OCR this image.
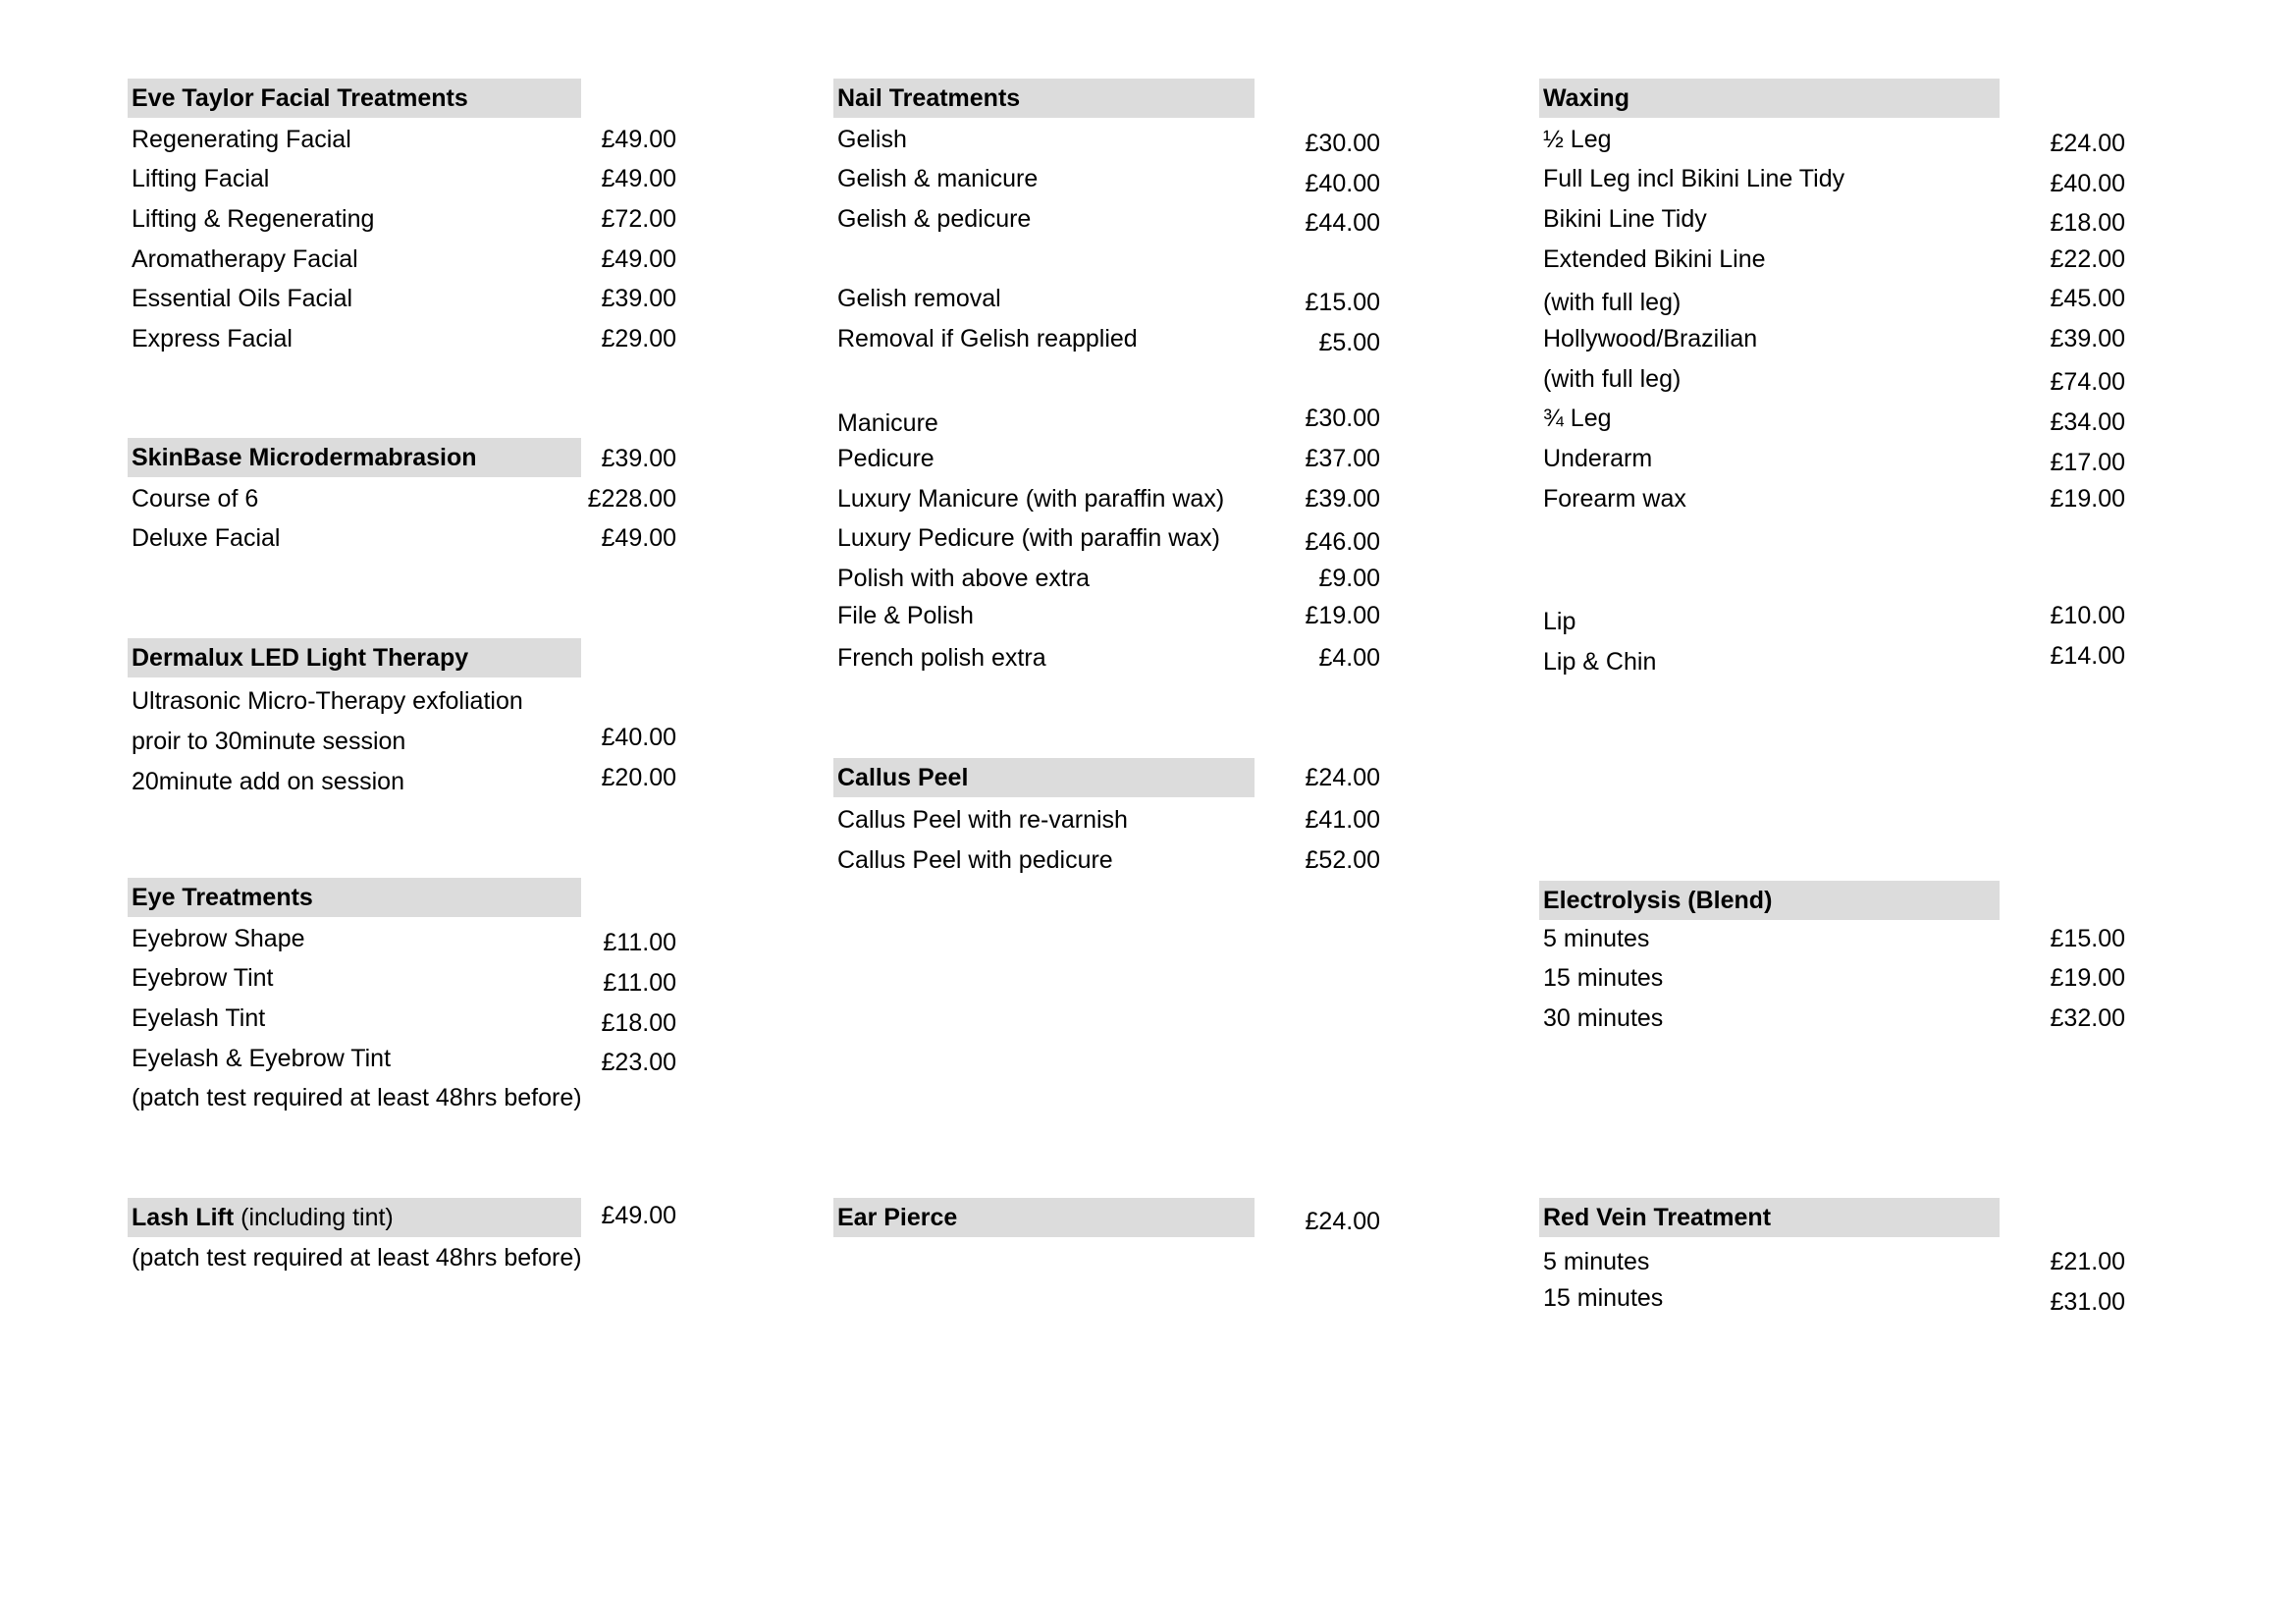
Eve Taylor Facial Treatments
Regenerating Facial	£49.00
Lifting Facial	£49.00
Lifting & Regenerating	£72.00
Aromatherapy Facial	£49.00
Essential Oils Facial	£39.00
Express Facial	£29.00
SkinBase Microdermabrasion	£39.00
Course of 6	£228.00
Deluxe Facial	£49.00
Dermalux LED Light Therapy
Ultrasonic Micro-Therapy exfoliation
proir to 30minute session	£40.00
20minute add on session	£20.00
Eye Treatments
Eyebrow Shape	£11.00
Eyebrow Tint	£11.00
Eyelash Tint	£18.00
Eyelash & Eyebrow Tint	£23.00
(patch test required at least 48hrs before)
Lash Lift (including tint)	£49.00
(patch test required at least 48hrs before)
Nail Treatments
Gelish	£30.00
Gelish & manicure	£40.00
Gelish & pedicure	£44.00
Gelish removal	£15.00
Removal if Gelish reapplied	£5.00
Manicure	£30.00
Pedicure	£37.00
Luxury Manicure (with paraffin wax)	£39.00
Luxury Pedicure (with paraffin wax)	£46.00
Polish with above extra	£9.00
File & Polish	£19.00
French polish extra	£4.00
Callus Peel	£24.00
Callus Peel with re-varnish	£41.00
Callus Peel with pedicure	£52.00
Ear Pierce	£24.00
Waxing
½ Leg	£24.00
Full Leg incl Bikini Line Tidy	£40.00
Bikini Line Tidy	£18.00
Extended Bikini Line	£22.00
(with full leg)	£45.00
Hollywood/Brazilian	£39.00
(with full leg)	£74.00
¾ Leg	£34.00
Underarm	£17.00
Forearm wax	£19.00
Lip	£10.00
Lip & Chin	£14.00
Electrolysis (Blend)
5 minutes	£15.00
15 minutes	£19.00
30 minutes	£32.00
Red Vein Treatment
5 minutes	£21.00
15 minutes	£31.00
